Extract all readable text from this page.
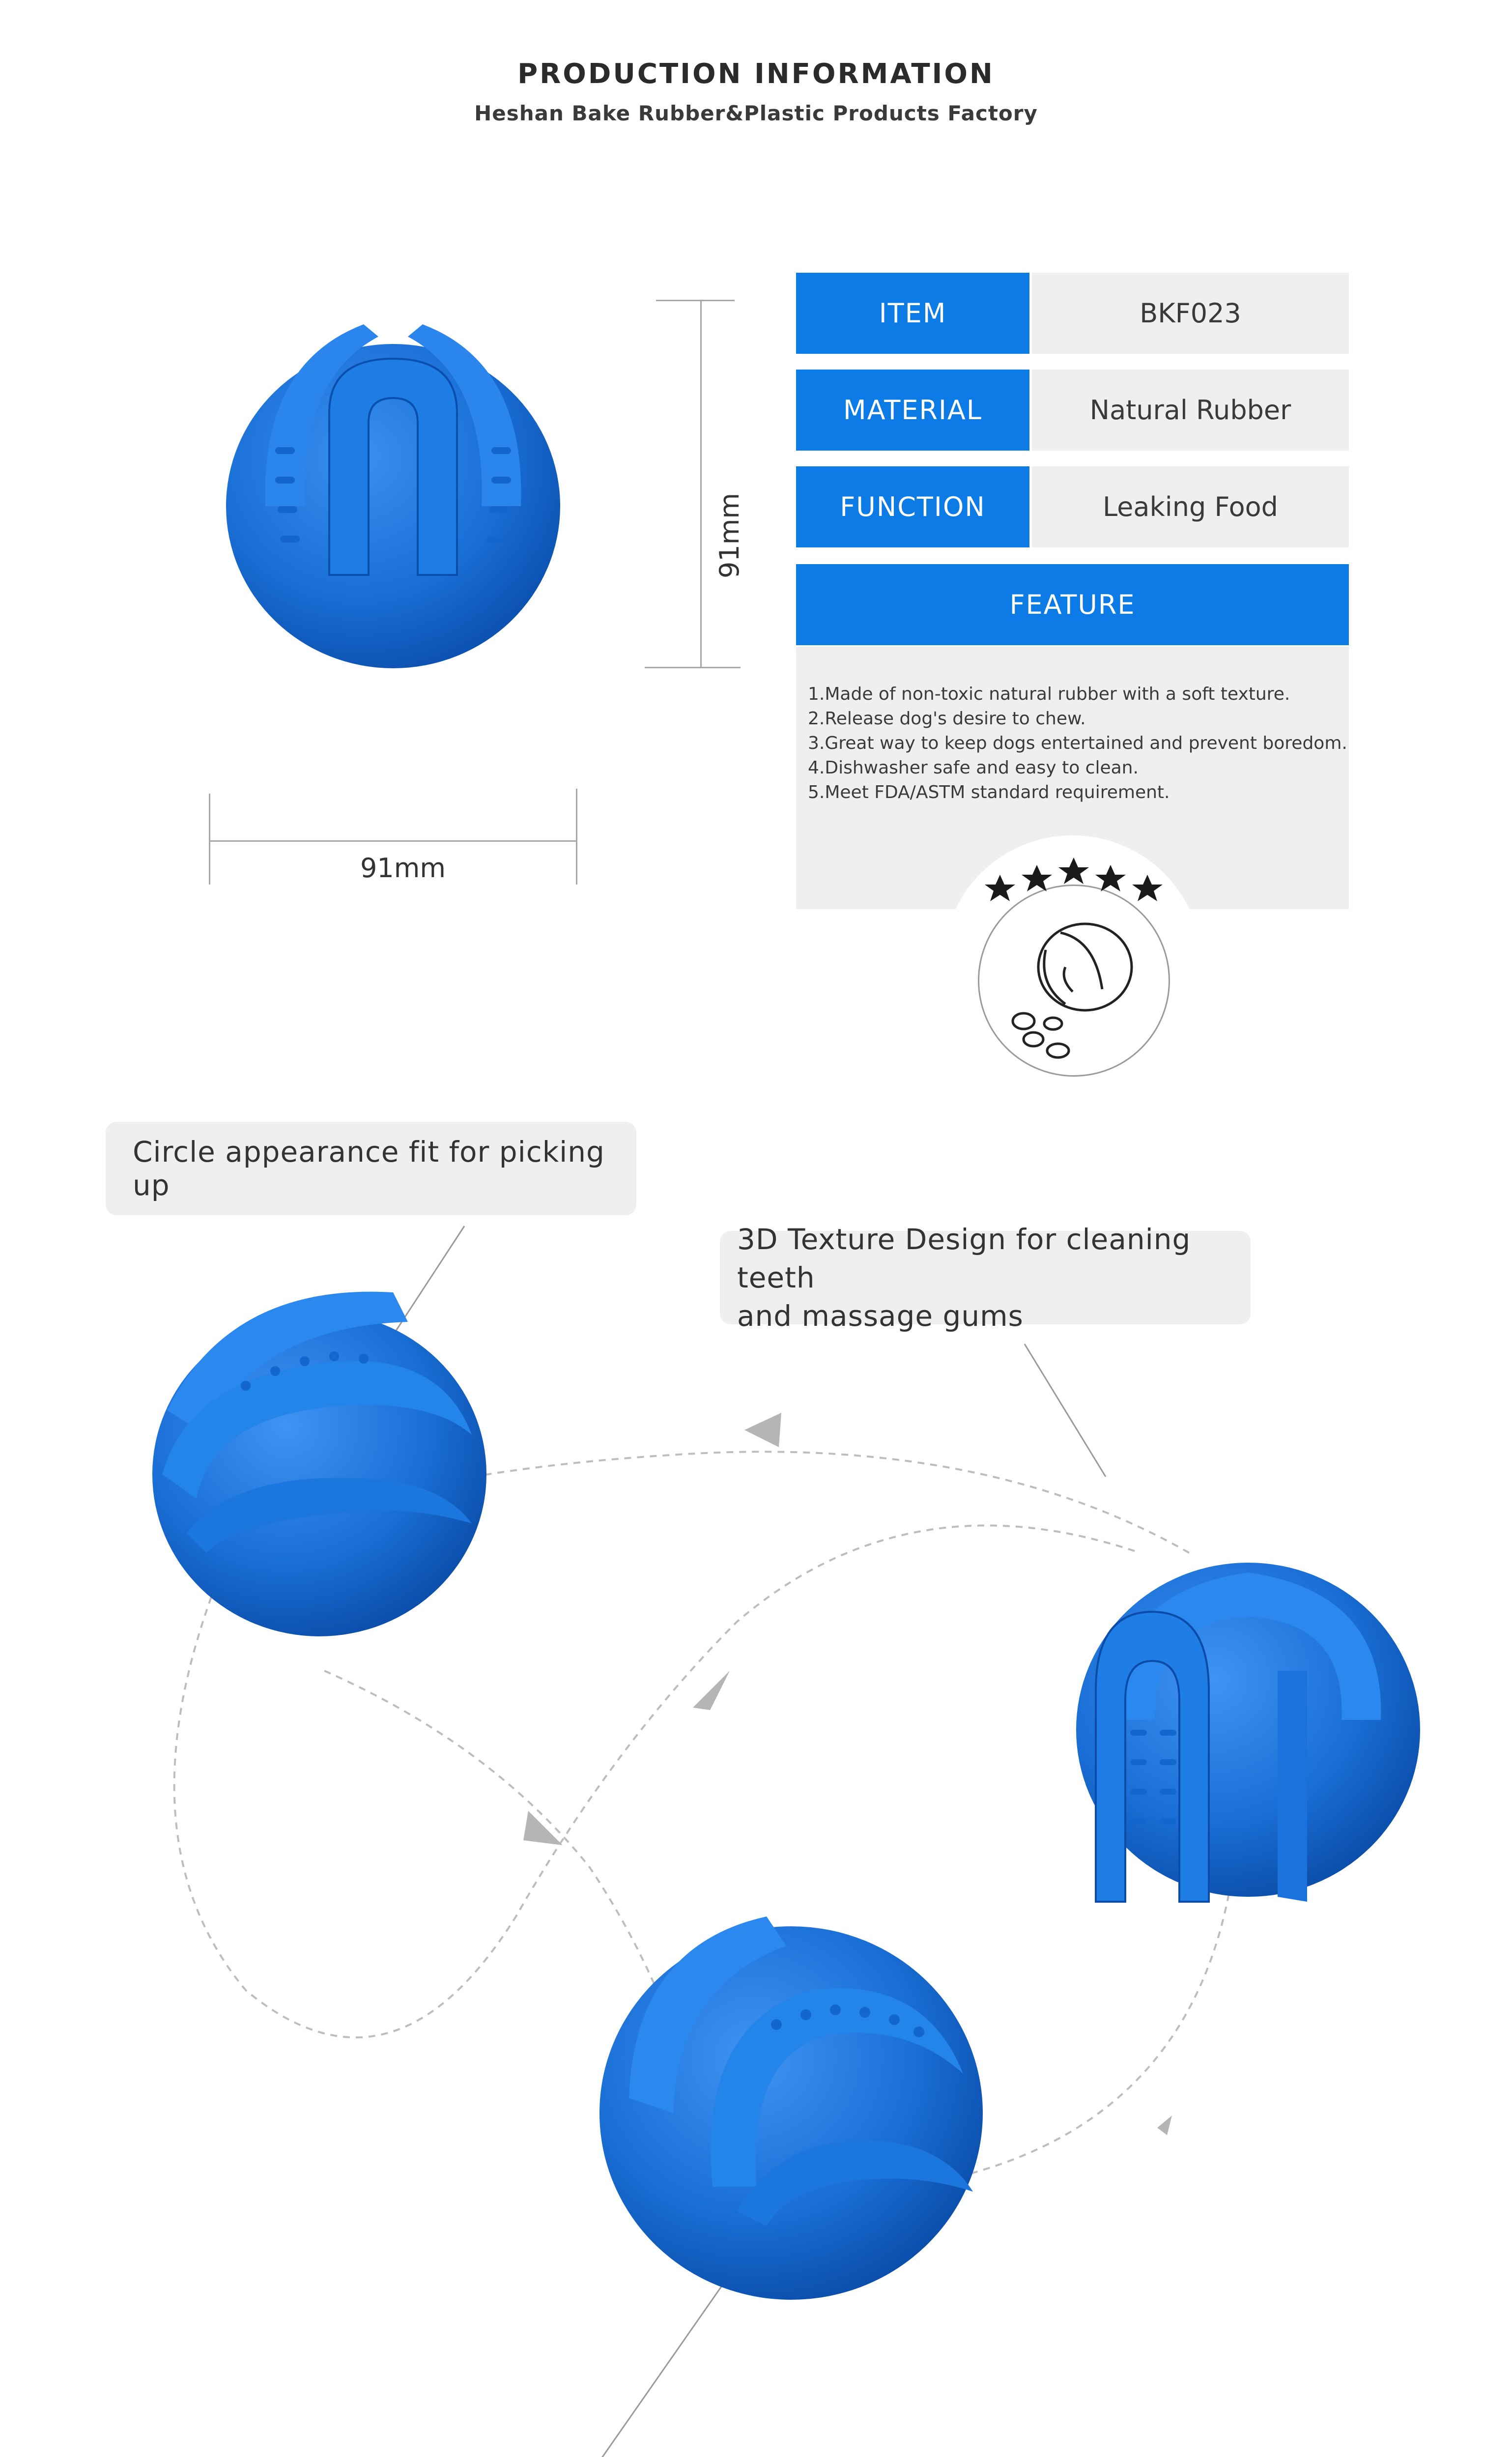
PRODUCTION INFORMATION
Heshan Bake Rubber&Plastic Products Factory
91mm
91mm
ITEM	BKF023
MATERIAL	Natural Rubber
FUNCTION	Leaking Food
FEATURE
1.Made of non-toxic natural rubber with a soft texture.
2.Release dog's desire to chew.
3.Great way to keep dogs entertained and prevent boredom.
4.Dishwasher safe and easy to clean.
5.Meet FDA/ASTM standard requirement.
Circle appearance fit for picking up
3D Texture Design for cleaning teeth
and massage gums
